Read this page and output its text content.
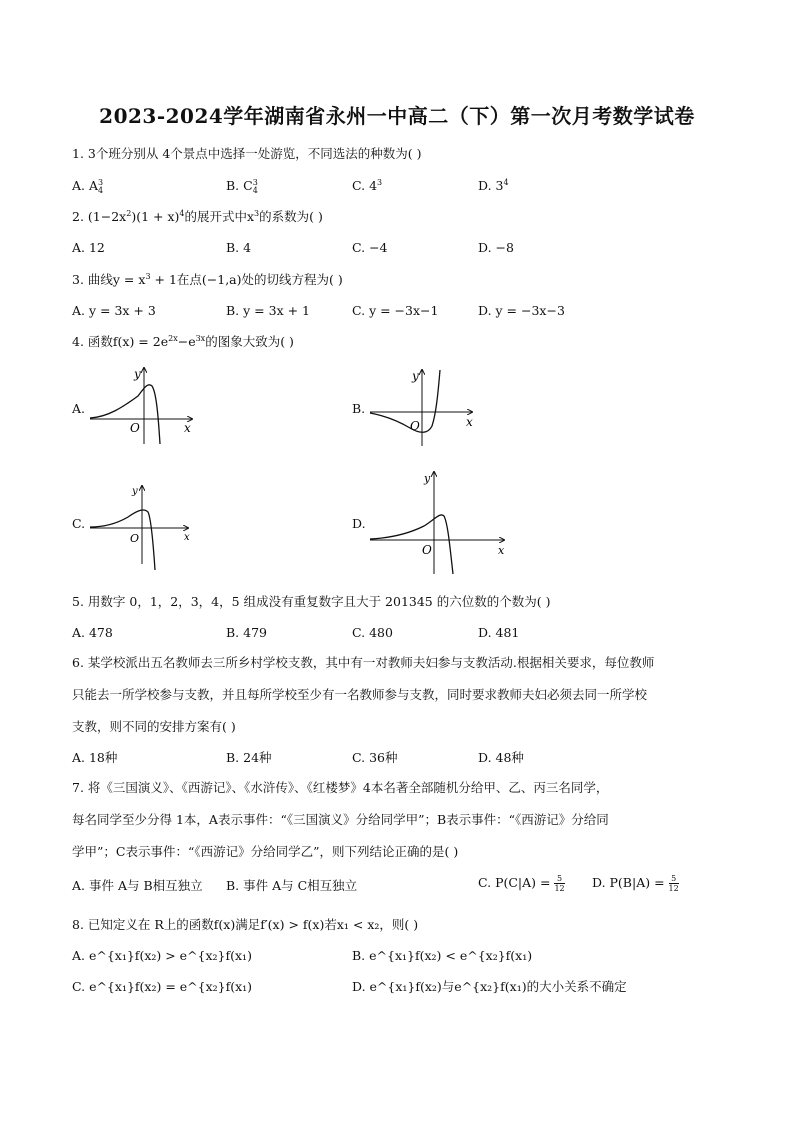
2023-2024学年湖南省永州一中高二（下）第一次月考数学试卷
1. 3个班分别从 4个景点中选择一处游览，不同选法的种数为( )
A. A 3
4	B. C 3
4	C. $4^3$	D. $3^4$
2. $(1-2x^2)(1 + x)^4$的展开式中$x^3$的系数为( )
A. 12	B. 4	C. −4	D. −8
3. 曲线$y = x^3 + 1$在点(−1,a)处的切线方程为( )
A. y = 3x + 3	B. y = 3x + 1	C. y = −3x−1	D. y = −3x−3
4. 函数$f(x) = 2e^{2x}-e^{3x}$的图象大致为( )
A.
x
y
O
B.
x
y
O
C.
x
y
O
D.
x
y
O
5. 用数字 0，1，2，3，4，5 组成没有重复数字且大于 201345 的六位数的个数为( )
A. 478	B. 479	C. 480	D. 481
6. 某学校派出五名教师去三所乡村学校支教，其中有一对教师夫妇参与支教活动.根据相关要求，每位教师
只能去一所学校参与支教，并且每所学校至少有一名教师参与支教，同时要求教师夫妇必须去同一所学校
支教，则不同的安排方案有( )
A. 18种	B. 24种	C. 36种	D. 48种
7. 将《三国演义》、《西游记》、《水浒传》、《红楼梦》4本名著全部随机分给甲、乙、丙三名同学，
每名同学至少分得 1本，A表示事件：“《三国演义》分给同学甲”；B表示事件：“《西游记》分给同
学甲”；C表示事件：“《西游记》分给同学乙”，则下列结论正确的是( )
A. 事件 A与 B相互独立 B. 事件 A与 C相互独立	C. $P(C|A) = \frac{5}{12} D$. $P(B|A) = \frac{5}{12}$
8. 已知定义在 R上的函数f(x)满足f′(x) > f(x)若x₁ < x₂，则( )
A. e^{x₁}f(x₂) > e^{x₂}f(x₁)	B. e^{x₁}f(x₂) < e^{x₂}f(x₁)
C. e^{x₁}f(x₂) = e^{x₂}f(x₁)	D. e^{x₁}f(x₂)与e^{x₂}f(x₁)的大小关系不确定
